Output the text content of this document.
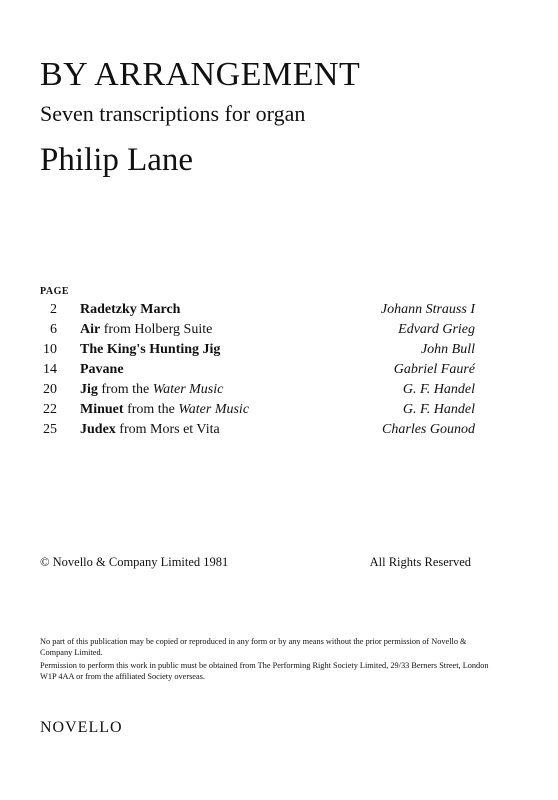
BY ARRANGEMENT
Seven transcriptions for organ
Philip Lane
PAGE
2 Radetzky March	Johann Strauss I
6 Air from Holberg Suite	Edvard Grieg
10 The King's Hunting Jig	John Bull
14 Pavane	Gabriel Fauré
20 Jig from the Water Music	G. F. Handel
22 Minuet from the Water Music	G. F. Handel
25 Judex from Mors et Vita	Charles Gounod
© Novello & Company Limited 1981	All Rights Reserved

No part of this publication may be copied or reproduced in any form or by any means without the prior permission of Novello & Company Limited.

Permission to perform this work in public must be obtained from The Performing Right Society Limited, 29/33 Berners Street, London W1P 4AA or from the affiliated Society overseas.

NOVELLO
